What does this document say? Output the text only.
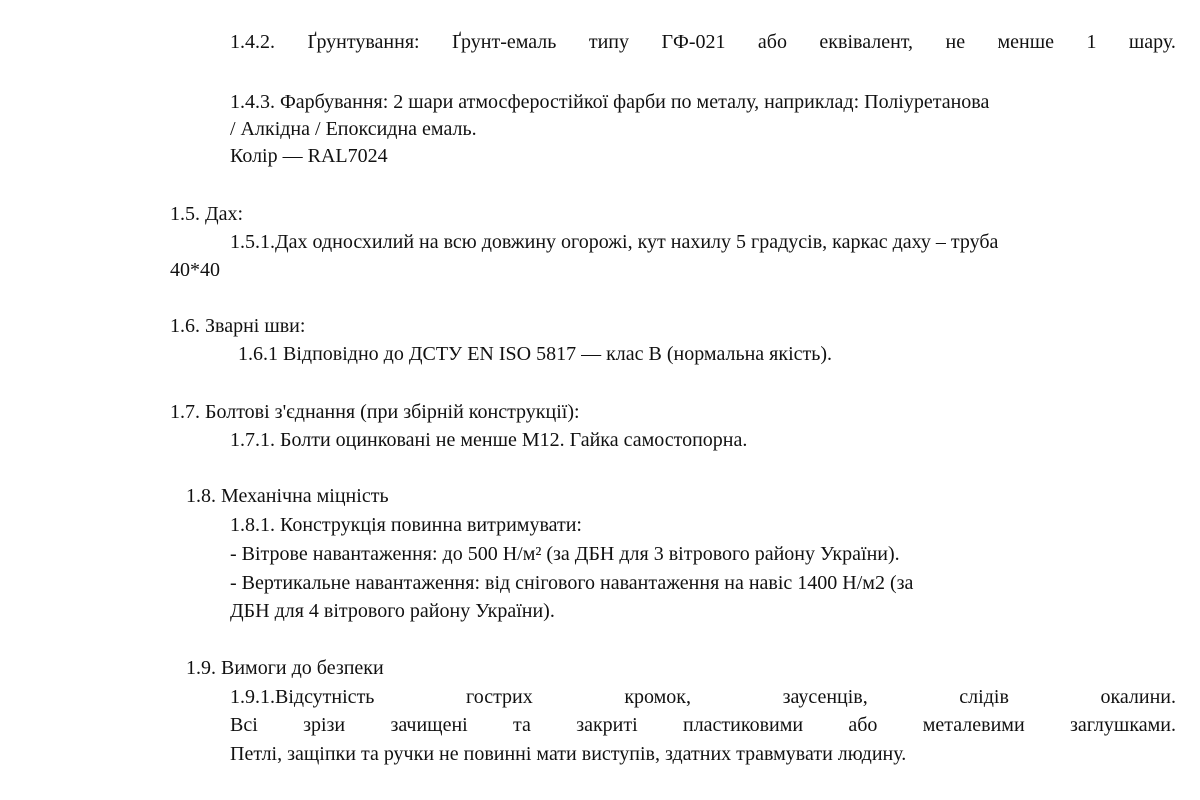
1.4.2. Ґрунтування: Ґрунт-емаль типу ГФ-021 або еквівалент, не менше 1 шару.
1.4.3. Фарбування: 2 шари атмосферостійкої фарби по металу, наприклад: Поліуретанова
/ Алкідна / Епоксидна емаль.
Колір — RAL7024
1.5. Дах:
1.5.1.Дах односхилий на всю довжину огорожі, кут нахилу 5 градусів, каркас даху – труба
40*40
1.6. Зварні шви:
1.6.1 Відповідно до ДСТУ EN ISO 5817 — клас В (нормальна якість).
1.7. Болтові з'єднання (при збірній конструкції):
1.7.1. Болти оцинковані не менше М12. Гайка самостопорна.
1.8. Механічна міцність
1.8.1. Конструкція повинна витримувати:
- Вітрове навантаження: до 500 Н/м² (за ДБН для 3 вітрового району України).
- Вертикальне навантаження: від снігового навантаження на навіс 1400 Н/м2 (за
ДБН для 4 вітрового району України).
1.9. Вимоги до безпеки
1.9.1.Відсутність	гострих	кромок,	заусенців,	слідів	окалини.
Всі зрізи зачищені та закриті пластиковими або металевими заглушками.
Петлі, защіпки та ручки не повинні мати виступів, здатних травмувати людину.
